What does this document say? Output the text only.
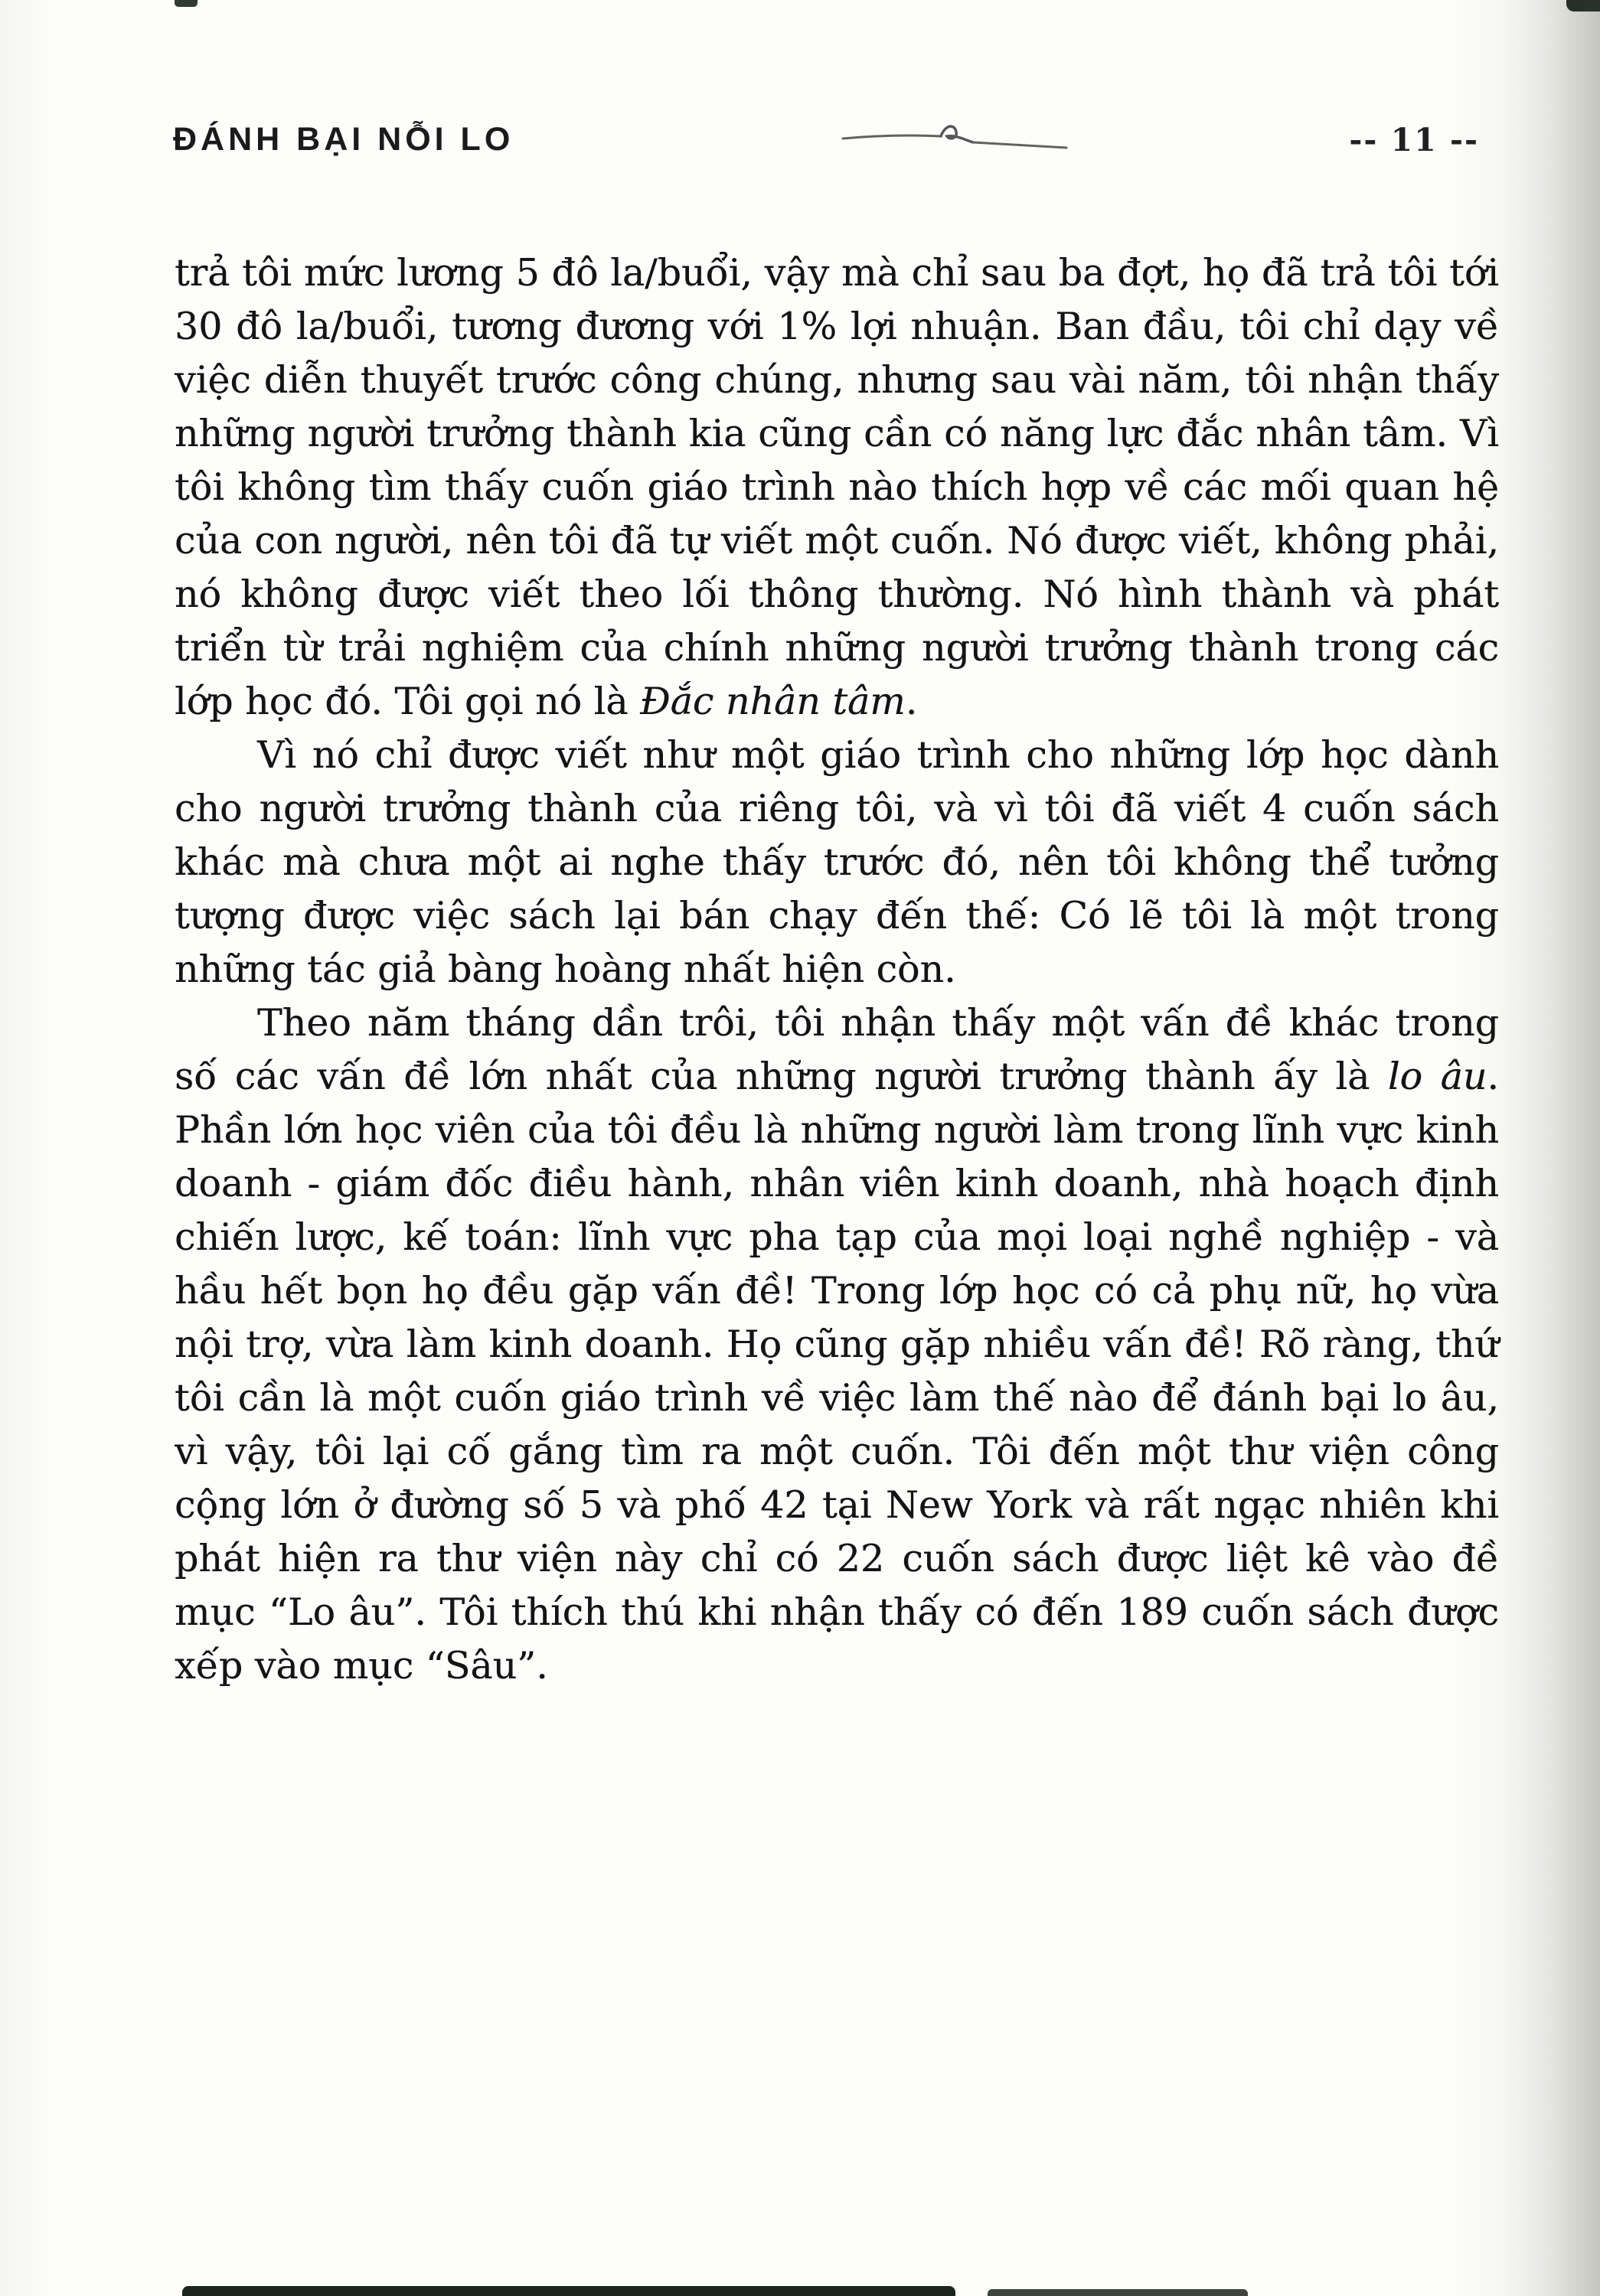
ĐÁNH BẠI NỖI LO	-- 11 --

trả tôi mức lương 5 đô la/buổi, vậy mà chỉ sau ba đợt, họ đã trả tôi tới 30 đô la/buổi, tương đương với 1% lợi nhuận. Ban đầu, tôi chỉ dạy về việc diễn thuyết trước công chúng, nhưng sau vài năm, tôi nhận thấy những người trưởng thành kia cũng cần có năng lực đắc nhân tâm. Vì tôi không tìm thấy cuốn giáo trình nào thích hợp về các mối quan hệ của con người, nên tôi đã tự viết một cuốn. Nó được viết, không phải, nó không được viết theo lối thông thường. Nó hình thành và phát triển từ trải nghiệm của chính những người trưởng thành trong các lớp học đó. Tôi gọi nó là Đắc nhân tâm.

Vì nó chỉ được viết như một giáo trình cho những lớp học dành cho người trưởng thành của riêng tôi, và vì tôi đã viết 4 cuốn sách khác mà chưa một ai nghe thấy trước đó, nên tôi không thể tưởng tượng được việc sách lại bán chạy đến thế: Có lẽ tôi là một trong những tác giả bàng hoàng nhất hiện còn.

Theo năm tháng dần trôi, tôi nhận thấy một vấn đề khác trong số các vấn đề lớn nhất của những người trưởng thành ấy là lo âu. Phần lớn học viên của tôi đều là những người làm trong lĩnh vực kinh doanh - giám đốc điều hành, nhân viên kinh doanh, nhà hoạch định chiến lược, kế toán: lĩnh vực pha tạp của mọi loại nghề nghiệp - và hầu hết bọn họ đều gặp vấn đề! Trong lớp học có cả phụ nữ, họ vừa nội trợ, vừa làm kinh doanh. Họ cũng gặp nhiều vấn đề! Rõ ràng, thứ tôi cần là một cuốn giáo trình về việc làm thế nào để đánh bại lo âu, vì vậy, tôi lại cố gắng tìm ra một cuốn. Tôi đến một thư viện công cộng lớn ở đường số 5 và phố 42 tại New York và rất ngạc nhiên khi phát hiện ra thư viện này chỉ có 22 cuốn sách được liệt kê vào đề mục “Lo âu”. Tôi thích thú khi nhận thấy có đến 189 cuốn sách được xếp vào mục “Sâu”.
